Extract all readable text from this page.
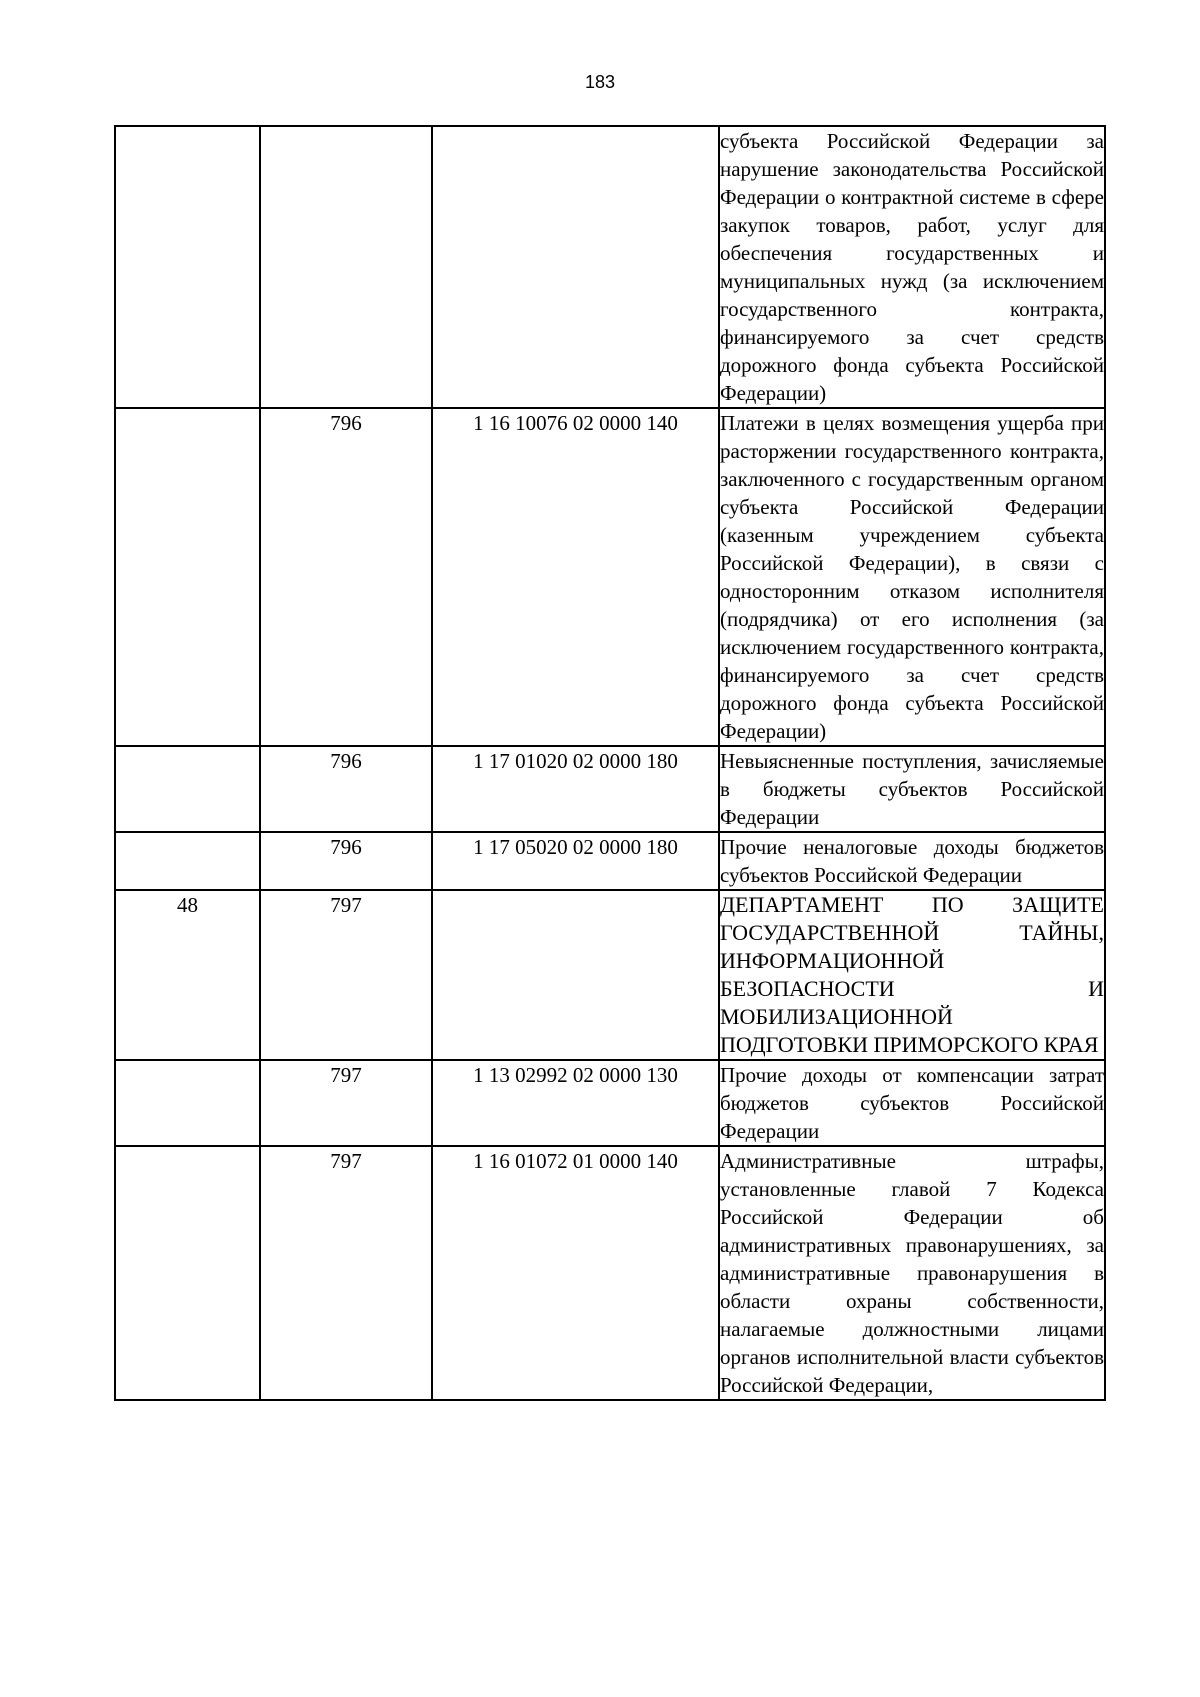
183
			субъекта Российской Федерации за нарушение законодательства Российской Федерации о контрактной системе в сфере закупок товаров, работ, услуг для обеспечения государственных и муниципальных нужд (за исключением государственного контракта, финансируемого за счет средств дорожного фонда субъекта Российской Федерации)
	796	1 16 10076 02 0000 140	Платежи в целях возмещения ущерба при расторжении государственного контракта, заключенного с государственным органом субъекта Российской Федерации (казенным учреждением субъекта Российской Федерации), в связи с односторонним отказом исполнителя (подрядчика) от его исполнения (за исключением государственного контракта, финансируемого за счет средств дорожного фонда субъекта Российской Федерации)
	796	1 17 01020 02 0000 180	Невыясненные поступления, зачисляемые в бюджеты субъектов Российской Федерации
	796	1 17 05020 02 0000 180	Прочие неналоговые доходы бюджетов субъектов Российской Федерации
48	797		ДЕПАРТАМЕНТ ПО ЗАЩИТЕ ГОСУДАРСТВЕННОЙ ТАЙНЫ, ИНФОРМАЦИОННОЙ БЕЗОПАСНОСТИ И МОБИЛИЗАЦИОННОЙ ПОДГОТОВКИ ПРИМОРСКОГО КРАЯ
	797	1 13 02992 02 0000 130	Прочие доходы от компенсации затрат бюджетов субъектов Российской Федерации
	797	1 16 01072 01 0000 140	Административные штрафы, установленные главой 7 Кодекса Российской Федерации об административных правонарушениях, за административные правонарушения в области охраны собственности, налагаемые должностными лицами органов исполнительной власти субъектов Российской Федерации,
